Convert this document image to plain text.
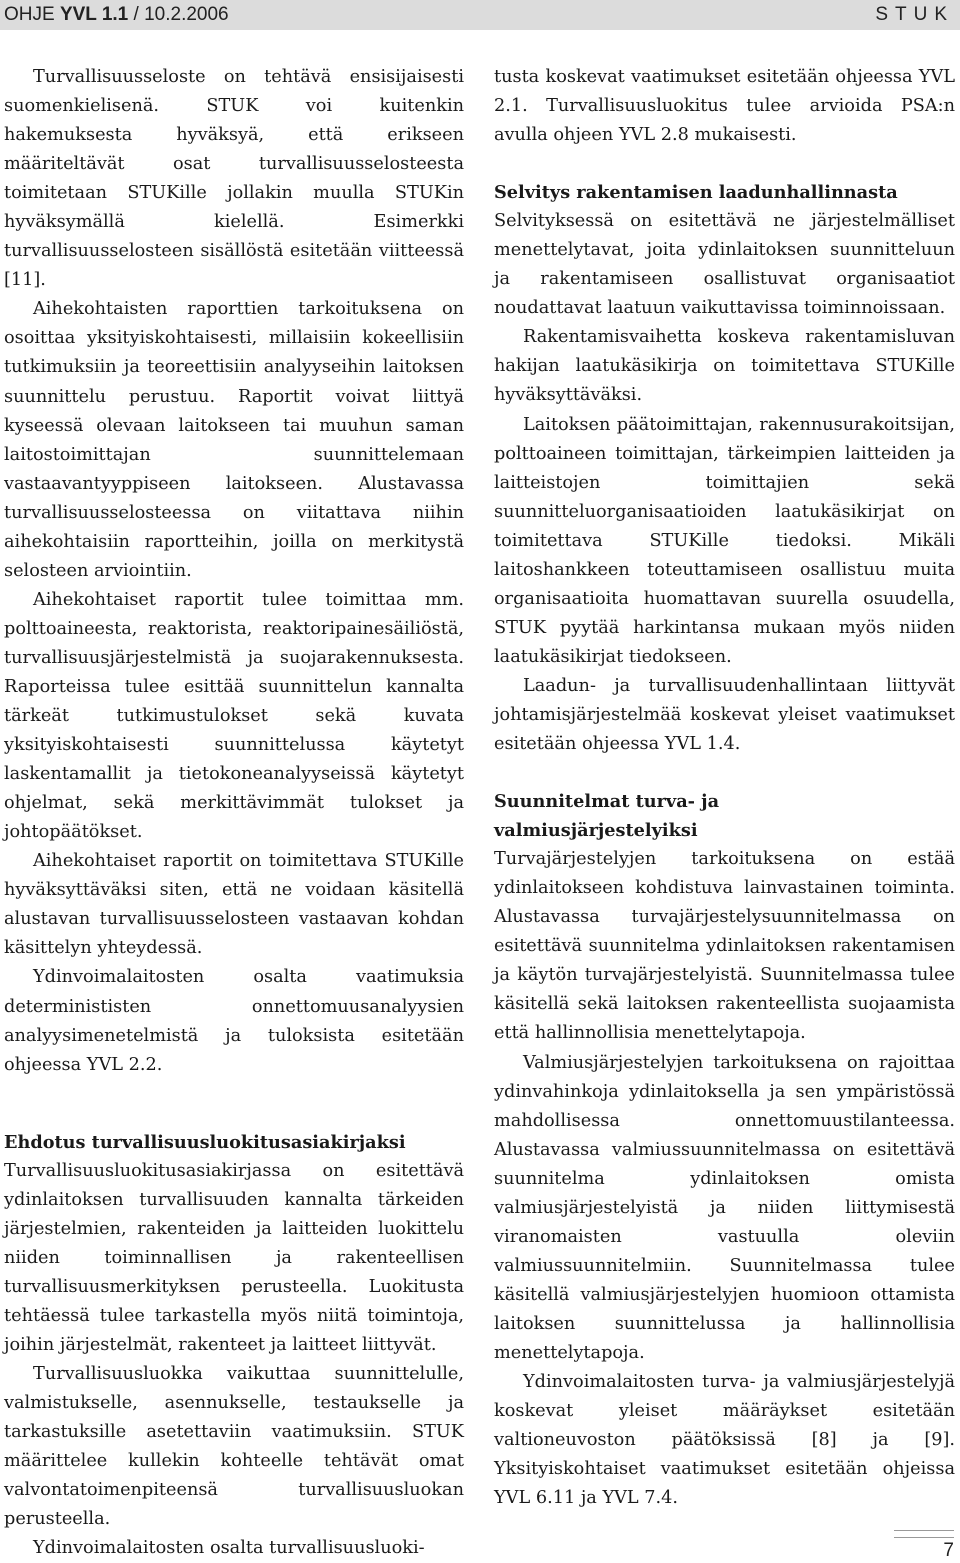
OHJE YVL 1.1 / 10.2.2006	STUK

Turvallisuusseloste on tehtävä ensisijaisesti suomenkielisenä. STUK voi kuitenkin hakemuksesta hyväksyä, että erikseen määriteltävät osat turvallisuusselosteesta toimitetaan STUKille jollakin muulla STUKin hyväksymällä kielellä. Esimerkki turvallisuusselosteen sisällöstä esitetään viitteessä [11].

Aihekohtaisten raporttien tarkoituksena on osoittaa yksityiskohtaisesti, millaisiin kokeellisiin tutkimuksiin ja teoreettisiin analyyseihin laitoksen suunnittelu perustuu. Raportit voivat liittyä kyseessä olevaan laitokseen tai muuhun saman laitostoimittajan suunnittelemaan vastaavantyyppiseen laitokseen. Alustavassa turvallisuusselosteessa on viitattava niihin aihekohtaisiin raportteihin, joilla on merkitystä selosteen arviointiin.

Aihekohtaiset raportit tulee toimittaa mm. polttoaineesta, reaktorista, reaktoripainesäiliöstä, turvallisuusjärjestelmistä ja suojarakennuksesta. Raporteissa tulee esittää suunnittelun kannalta tärkeät tutkimustulokset sekä kuvata yksityiskohtaisesti suunnittelussa käytetyt laskentamallit ja tietokoneanalyyseissä käytetyt ohjelmat, sekä merkittävimmät tulokset ja johtopäätökset.

Aihekohtaiset raportit on toimitettava STUKille hyväksyttäväksi siten, että ne voidaan käsitellä alustavan turvallisuusselosteen vastaavan kohdan käsittelyn yhteydessä.

Ydinvoimalaitosten osalta vaatimuksia determinististen onnettomuusanalyysien analyysimenetelmistä ja tuloksista esitetään ohjeessa YVL 2.2.

Ehdotus turvallisuusluokitusasiakirjaksi

Turvallisuusluokitusasiakirjassa on esitettävä ydinlaitoksen turvallisuuden kannalta tärkeiden järjestelmien, rakenteiden ja laitteiden luokittelu niiden toiminnallisen ja rakenteellisen turvallisuusmerkityksen perusteella. Luokitusta tehtäessä tulee tarkastella myös niitä toimintoja, joihin järjestelmät, rakenteet ja laitteet liittyvät.

Turvallisuusluokka vaikuttaa suunnittelulle, valmistukselle, asennukselle, testaukselle ja tarkastuksille asetettaviin vaatimuksiin. STUK määrittelee kullekin kohteelle tehtävät omat valvontatoimenpiteensä turvallisuusluokan perusteella.

Ydinvoimalaitosten osalta turvallisuusluoki-

tusta koskevat vaatimukset esitetään ohjeessa YVL 2.1. Turvallisuusluokitus tulee arvioida PSA:n avulla ohjeen YVL 2.8 mukaisesti.

Selvitys rakentamisen laadunhallinnasta

Selvityksessä on esitettävä ne järjestelmälliset menettelytavat, joita ydinlaitoksen suunnitteluun ja rakentamiseen osallistuvat organisaatiot noudattavat laatuun vaikuttavissa toiminnoissaan.

Rakentamisvaihetta koskeva rakentamisluvan hakijan laatukäsikirja on toimitettava STUKille hyväksyttäväksi.

Laitoksen päätoimittajan, rakennusurakoitsijan, polttoaineen toimittajan, tärkeimpien laitteiden ja laitteistojen toimittajien sekä suunnitteluorganisaatioiden laatukäsikirjat on toimitettava STUKille tiedoksi. Mikäli laitoshankkeen toteuttamiseen osallistuu muita organisaatioita huomattavan suurella osuudella, STUK pyytää harkintansa mukaan myös niiden laatukäsikirjat tiedokseen.

Laadun- ja turvallisuudenhallintaan liittyvät johtamisjärjestelmää koskevat yleiset vaatimukset esitetään ohjeessa YVL 1.4.

Suunnitelmat turva- ja valmiusjärjestelyiksi

Turvajärjestelyjen tarkoituksena on estää ydinlaitokseen kohdistuva lainvastainen toiminta. Alustavassa turvajärjestelysuunnitelmassa on esitettävä suunnitelma ydinlaitoksen rakentamisen ja käytön turvajärjestelyistä. Suunnitelmassa tulee käsitellä sekä laitoksen rakenteellista suojaamista että hallinnollisia menettelytapoja.

Valmiusjärjestelyjen tarkoituksena on rajoittaa ydinvahinkoja ydinlaitoksella ja sen ympäristössä mahdollisessa onnettomuustilanteessa. Alustavassa valmiussuunnitelmassa on esitettävä suunnitelma ydinlaitoksen omista valmiusjärjestelyistä ja niiden liittymisestä viranomaisten vastuulla oleviin valmiussuunnitelmiin. Suunnitelmassa tulee käsitellä valmiusjärjestelyjen huomioon ottamista laitoksen suunnittelussa ja hallinnollisia menettelytapoja.

Ydinvoimalaitosten turva- ja valmiusjärjestelyjä koskevat yleiset määräykset esitetään valtioneuvoston päätöksissä [8] ja [9]. Yksityiskohtaiset vaatimukset esitetään ohjeissa YVL 6.11 ja YVL 7.4.

7
